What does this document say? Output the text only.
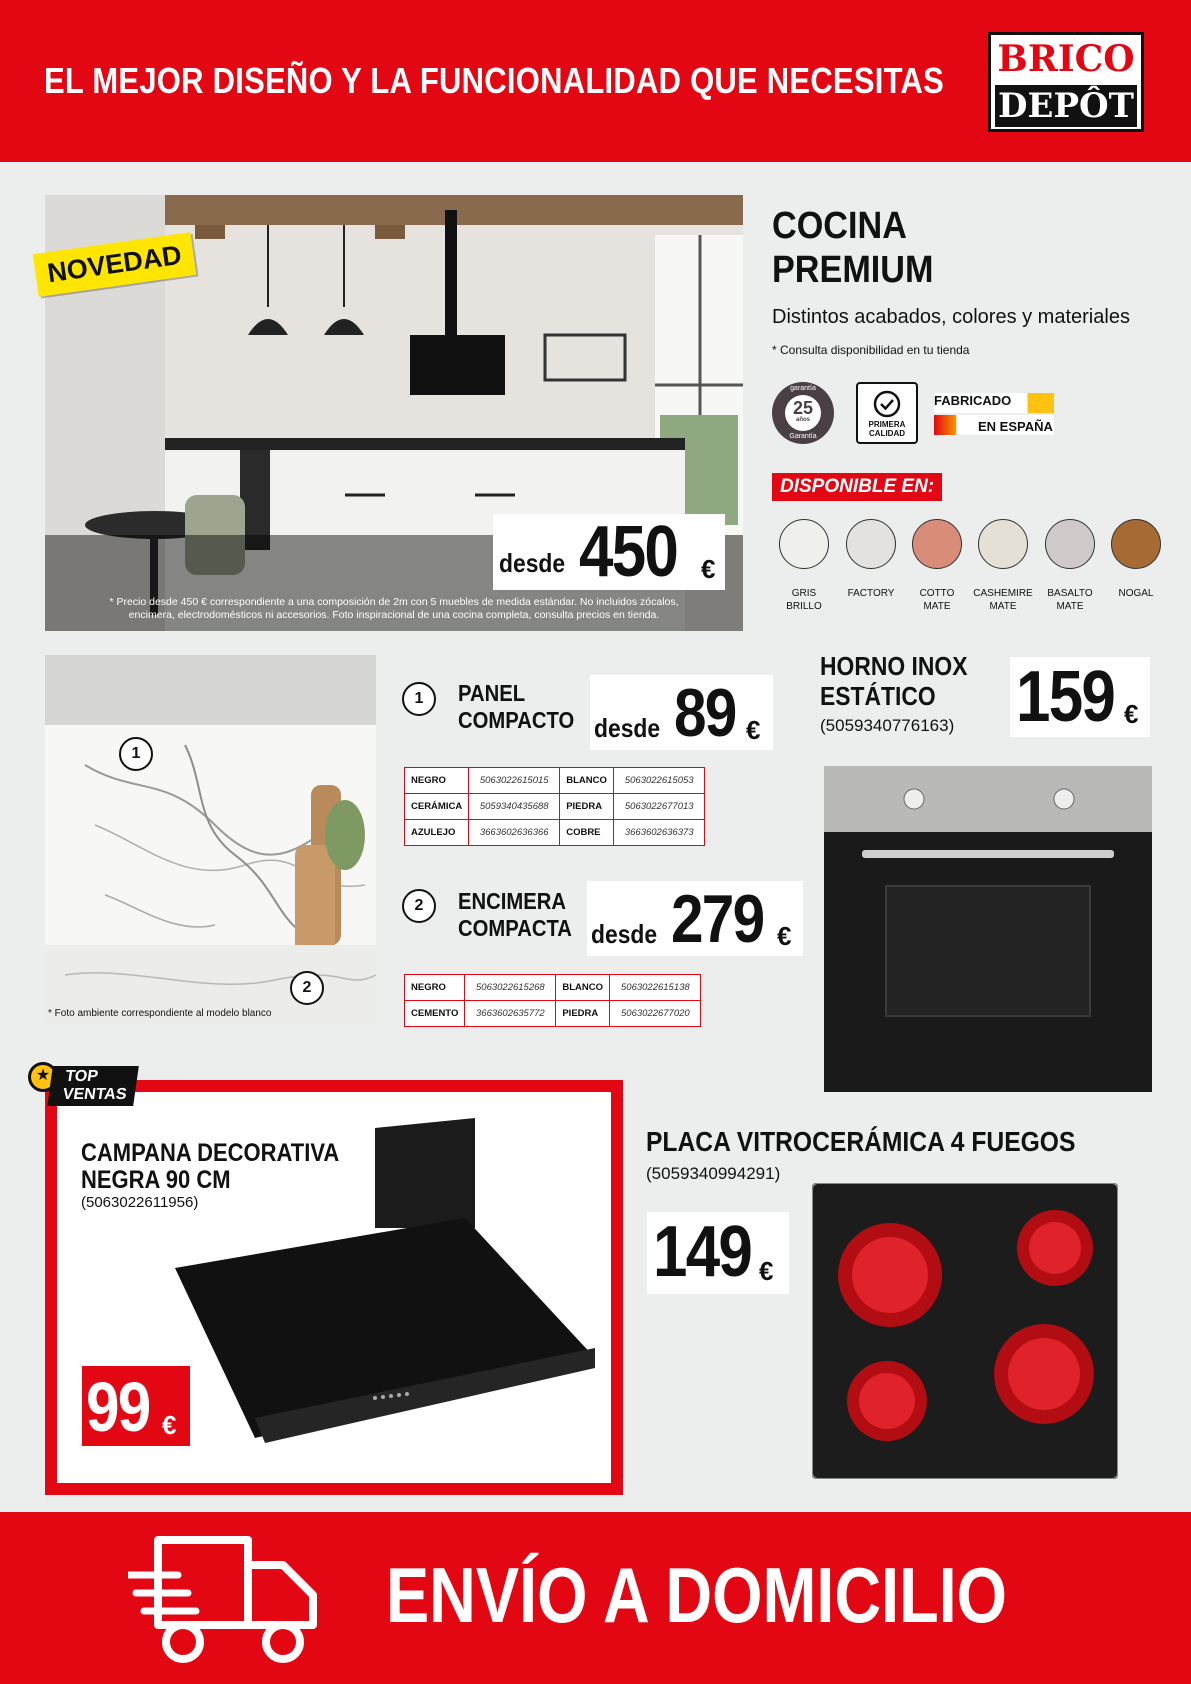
EL MEJOR DISEÑO Y LA FUNCIONALIDAD QUE NECESITAS
BRICO
DEPÔT
NOVEDAD
desde 450 €
* Precio desde 450 € correspondiente a una composición de 2m con 5 muebles de medida estándar. No incluidos zócalos, encimera, electrodomésticos ni accesorios. Foto inspiracional de una cocina completa, consulta precios en tienda.
COCINA
PREMIUM
Distintos acabados, colores y materiales
* Consulta disponibilidad en tu tienda
garantía
25
años
Garantía
PRIMERA
CALIDAD
FABRICADO
EN ESPAÑA
DISPONIBLE EN:
GRIS
BRILLO
FACTORY	COTTO
MATE
CASHEMIRE
MATE
BASALTO
MATE
NOGAL
1
2
* Foto ambiente correspondiente al modelo blanco
1	PANEL
COMPACTO desde 89 €
NEGRO	5063022615015	BLANCO	5063022615053
CERÁMICA	5059340435688	PIEDRA	5063022677013
AZULEJO	3663602636366	COBRE	3663602636373
2	ENCIMERA
COMPACTA desde 279 €
NEGRO	5063022615268	BLANCO	5063022615138
CEMENTO	3663602635772	PIEDRA	5063022677020
HORNO INOX
ESTÁTICO
(5059340776163) 159 €
★ TOP
VENTAS
CAMPANA DECORATIVA
NEGRA 90 CM
(5063022611956)
99 €
PLACA VITROCERÁMICA 4 FUEGOS
(5059340994291)
149 €
ENVÍO A DOMICILIO
